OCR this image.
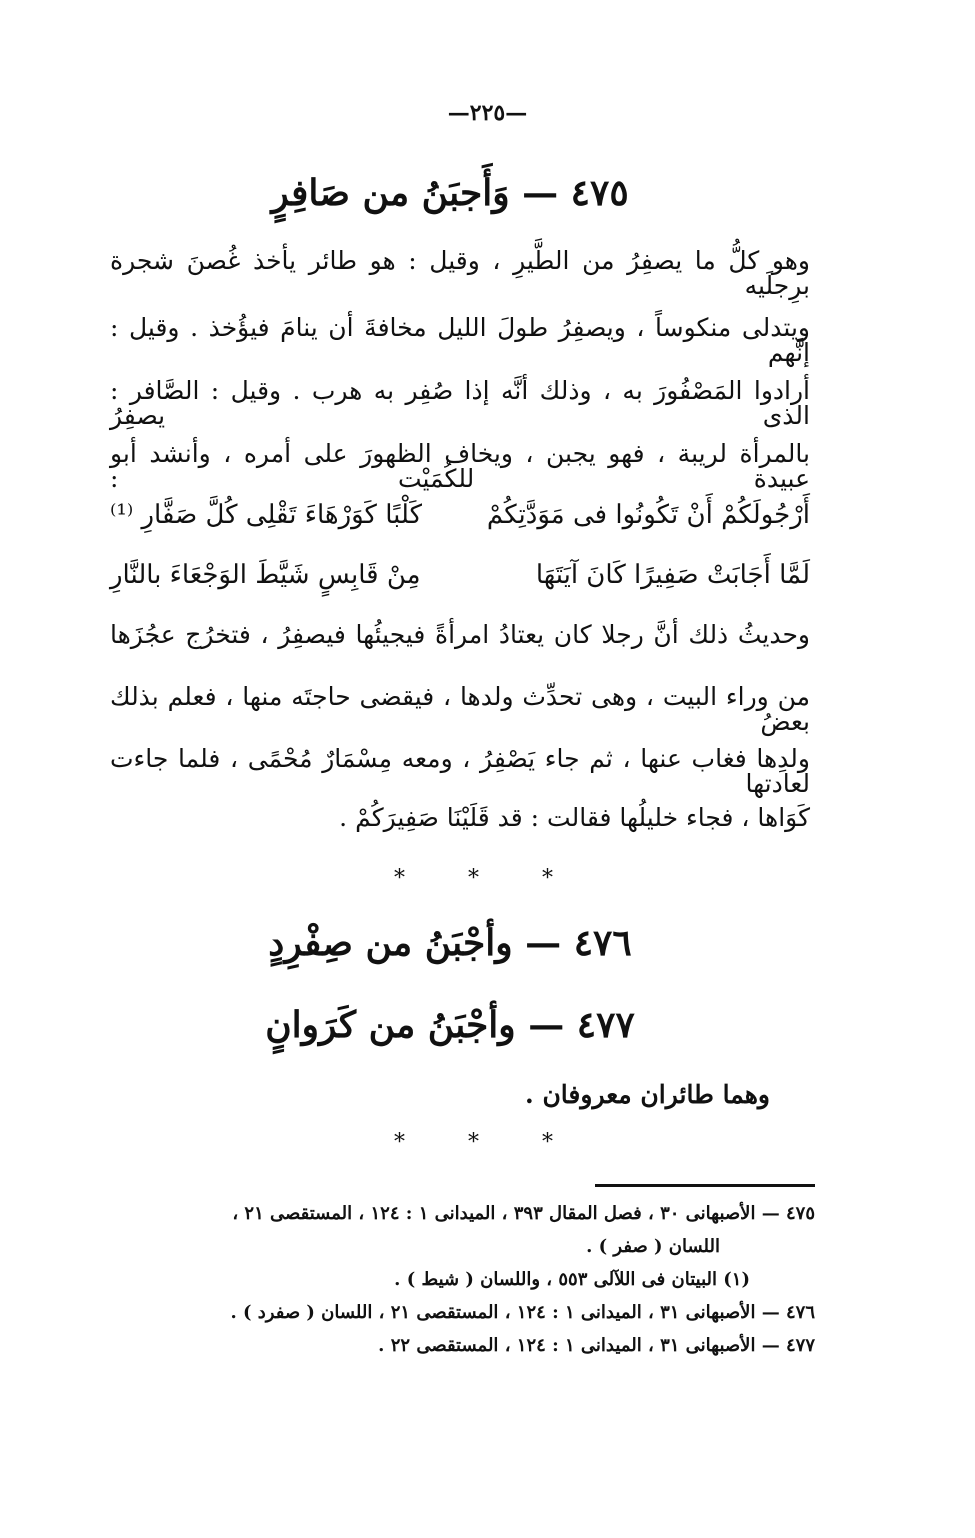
—٢٢٥—
٤٧٥ — وَأَجبَنُ من صَافِرٍ
وهو كلُّ ما يصفِرُ من الطَّيرِ ، وقيل : هو طائر يأخذ غُصنَ شجرة برِجلَيه
ويتدلى منكوساً ، ويصفِرُ طولَ الليل مخافةَ أن ينامَ فيؤُخذ . وقيل : إنَّهم
أرادوا المَصْفُورَ به ، وذلك أنَّه إذا صُفِر به هرب . وقيل : الصَّافر : الذى يصفِرُ
بالمرأة لريبة ، فهو يجبن ، ويخاف الظهورَ على أمره ، وأنشد أبو عبيدة للكُمَيْت :
أَرْجُولَكُمْ أَنْ تَكُونُوا فى مَوَدَّتِكُمْ
كَلْبًا كَوَرْهَاءَ تَقْلِى كُلَّ صَفَّارِ ⁽¹⁾
لَمَّا أَجَابَتْ صَفِيرًا كَانَ آيَتَهَا
مِنْ قَابِسٍ شَيَّطَ الوَجْعَاءَ بالنَّارِ
وحديثُ ذلك أنَّ رجلا كان يعتادُ امرأةً فيجيئُها فيصفِرُ ، فتخرُج عجُزَها
من وراء البيت ، وهى تحدِّث ولدها ، فيقضى حاجتَه منها ، فعلم بذلك بعضُ
ولدِها فغاب عنها ، ثم جاء يَصْفِرُ ، ومعه مِسْمَارٌ مُحْمًى ، فلما جاءت لعادتها
كَوَاها ، فجاء خليلُها فقالت : قد قَلَيْنَا صَفِيرَكُمْ .
* * *
٤٧٦ — وأجْبَنُ من صِفْرِدٍ
٤٧٧ — وأجْبَنُ من كَرَوانٍ
وهما طائران معروفان .
* * *
٤٧٥ — الأصبهانى ٣٠ ، فصل المقال ٣٩٣ ، الميدانى ١ : ١٢٤ ، المستقصى ٢١ ،
اللسان ( صفر ) .
(١) البيتان فى اللآلى ٥٥٣ ، واللسان ( شيط ) .
٤٧٦ — الأصبهانى ٣١ ، الميدانى ١ : ١٢٤ ، المستقصى ٢١ ، اللسان ( صفرد ) .
٤٧٧ — الأصبهانى ٣١ ، الميدانى ١ : ١٢٤ ، المستقصى ٢٢ .
